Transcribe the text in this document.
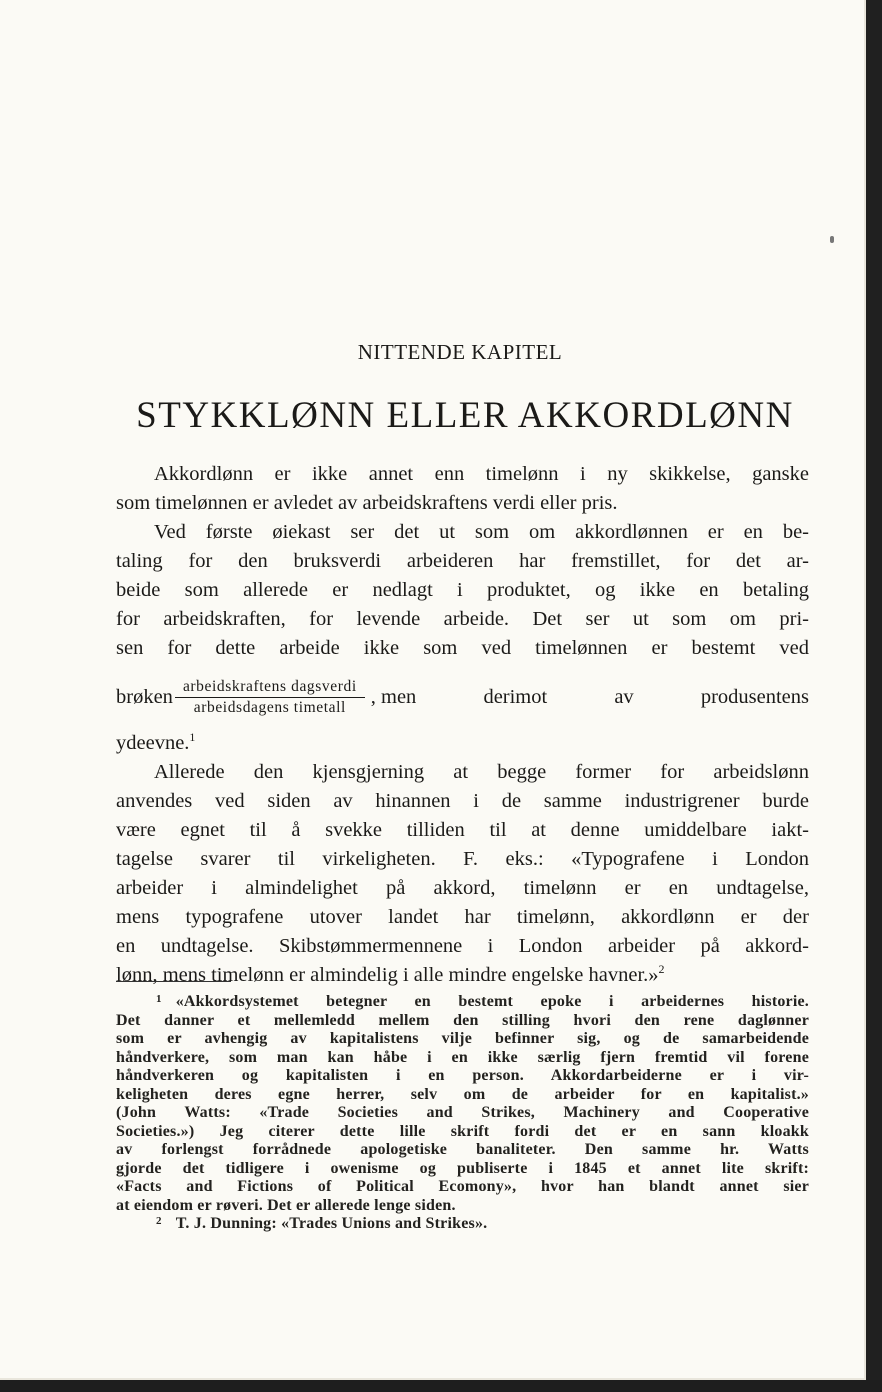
NITTENDE KAPITEL
STYKKLØNN ELLER AKKORDLØNN
Akkordlønn er ikke annet enn timelønn i ny skikkelse, ganske
som timelønnen er avledet av arbeidskraftens verdi eller pris.
Ved første øiekast ser det ut som om akkordlønnen er en be-
taling for den bruksverdi arbeideren har fremstillet, for det ar-
beide som allerede er nedlagt i produktet, og ikke en betaling
for arbeidskraften, for levende arbeide. Det ser ut som om pri-
sen for dette arbeide ikke som ved timelønnen er bestemt ved
brøken $\frac{\text{arbeidskraftens dagsverdi}}{\text{arbeidsdagens timetall}}$ , men	derimot	av	produsentens
ydeevne.$^1$
Allerede den kjensgjerning at begge former for arbeidslønn
anvendes ved siden av hinannen i de samme industrigrener burde
være egnet til å svekke tilliden til at denne umiddelbare iakt-
tagelse svarer til virkeligheten. F. eks.: «Typografene i London
arbeider i almindelighet på akkord, timelønn er en undtagelse,
mens typografene utover landet har timelønn, akkordlønn er der
en undtagelse. Skibstømmermennene i London arbeider på akkord-
lønn, mens timelønn er almindelig i alle mindre engelske havner.»$^2$
$^1$ «Akkordsystemet betegner en bestemt epoke i arbeidernes historie.
Det danner et mellemledd mellem den stilling hvori den rene daglønner
som er avhengig av kapitalistens vilje befinner sig, og de samarbeidende
håndverkere, som man kan håbe i en ikke særlig fjern fremtid vil forene
håndverkeren og kapitalisten i en person. Akkordarbeiderne er i vir-
keligheten deres egne herrer, selv om de arbeider for en kapitalist.»
(John Watts: «Trade Societies and Strikes, Machinery and Cooperative
Societies.») Jeg citerer dette lille skrift fordi det er en sann kloakk
av forlengst forrådnede apologetiske banaliteter. Den samme hr. Watts
gjorde det tidligere i owenisme og publiserte i 1845 et annet lite skrift:
«Facts and Fictions of Political Ecomony», hvor han blandt annet sier
at eiendom er røveri. Det er allerede lenge siden.
$^2$ T. J. Dunning: «Trades Unions and Strikes».
